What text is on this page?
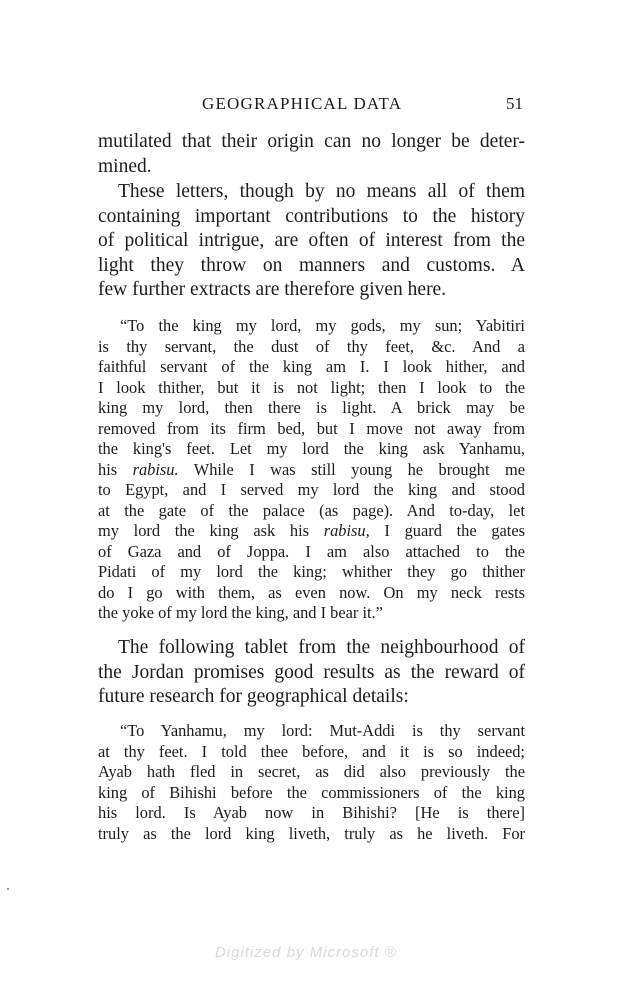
GEOGRAPHICAL DATA	51
mutilated that their origin can no longer be deter-
mined.
These letters, though by no means all of them
containing important contributions to the history
of political intrigue, are often of interest from the
light they throw on manners and customs. A
few further extracts are therefore given here.
“To the king my lord, my gods, my sun; Yabitiri
is thy servant, the dust of thy feet, &c. And a
faithful servant of the king am I. I look hither, and
I look thither, but it is not light; then I look to the
king my lord, then there is light. A brick may be
removed from its firm bed, but I move not away from
the king's feet. Let my lord the king ask Yanhamu,
his rabisu. While I was still young he brought me
to Egypt, and I served my lord the king and stood
at the gate of the palace (as page). And to-day, let
my lord the king ask his rabisu, I guard the gates
of Gaza and of Joppa. I am also attached to the
Pidati of my lord the king; whither they go thither
do I go with them, as even now. On my neck rests
the yoke of my lord the king, and I bear it.”
The following tablet from the neighbourhood of
the Jordan promises good results as the reward of
future research for geographical details:
“To Yanhamu, my lord: Mut-Addi is thy servant
at thy feet. I told thee before, and it is so indeed;
Ayab hath fled in secret, as did also previously the
king of Bihishi before the commissioners of the king
his lord. Is Ayab now in Bihishi? [He is there]
truly as the lord king liveth, truly as he liveth. For
Digitized by Microsoft ®
